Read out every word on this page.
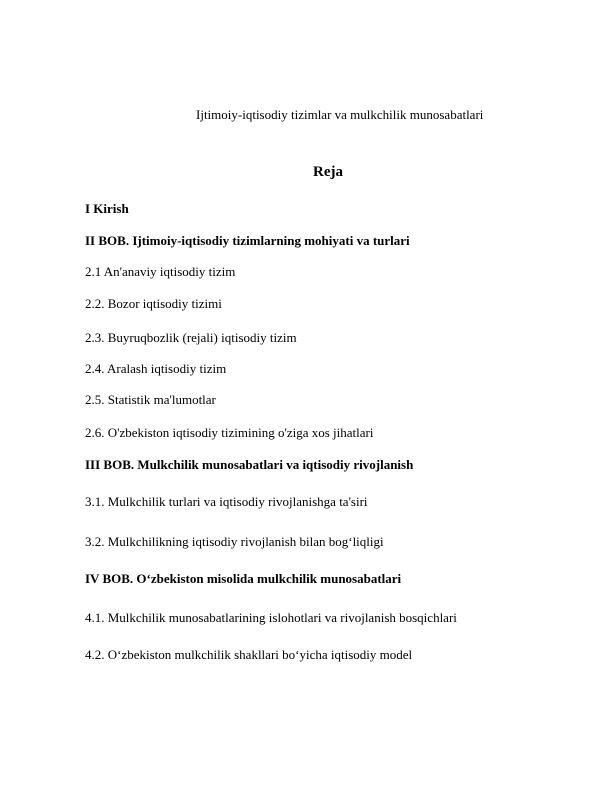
Ijtimoiy-iqtisodiy tizimlar va mulkchilik munosabatlari
Reja
I Kirish
II BOB. Ijtimoiy-iqtisodiy tizimlarning mohiyati va turlari
2.1 An'anaviy iqtisodiy tizim
2.2. Bozor iqtisodiy tizimi
2.3. Buyruqbozlik (rejali) iqtisodiy tizim
2.4. Aralash iqtisodiy tizim
2.5. Statistik ma'lumotlar
2.6. O'zbekiston iqtisodiy tizimining o'ziga xos jihatlari
III BOB. Mulkchilik munosabatlari va iqtisodiy rivojlanish
3.1. Mulkchilik turlari va iqtisodiy rivojlanishga ta'siri
3.2. Mulkchilikning iqtisodiy rivojlanish bilan bog‘liqligi
IV BOB. O‘zbekiston misolida mulkchilik munosabatlari
4.1. Mulkchilik munosabatlarining islohotlari va rivojlanish bosqichlari
4.2. O‘zbekiston mulkchilik shakllari bo‘yicha iqtisodiy model
